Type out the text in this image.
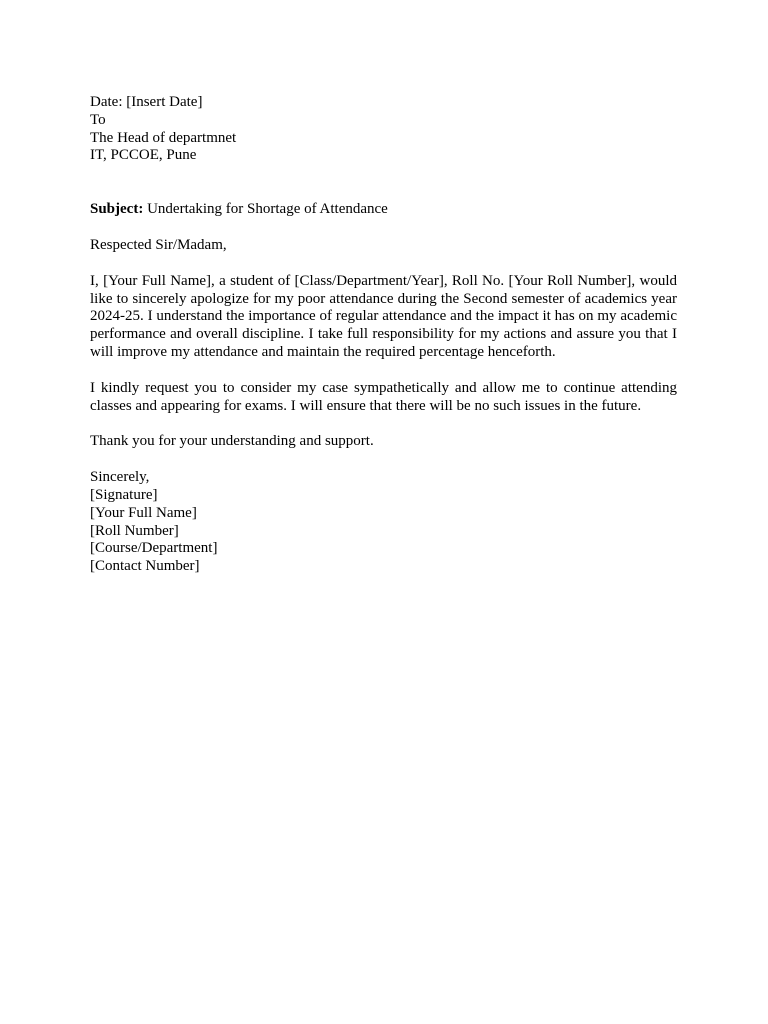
Date: [Insert Date]
To
The Head of departmnet
IT, PCCOE, Pune
Subject: Undertaking for Shortage of Attendance
Respected Sir/Madam,

I, [Your Full Name], a student of [Class/Department/Year], Roll No. [Your Roll Number], would like to sincerely apologize for my poor attendance during the Second semester of academics year 2024-25. I understand the importance of regular attendance and the impact it has on my academic performance and overall discipline. I take full responsibility for my actions and assure you that I will improve my attendance and maintain the required percentage henceforth.

I kindly request you to consider my case sympathetically and allow me to continue attending classes and appearing for exams. I will ensure that there will be no such issues in the future.

Thank you for your understanding and support.

Sincerely,
[Signature]
[Your Full Name]
[Roll Number]
[Course/Department]
[Contact Number]
